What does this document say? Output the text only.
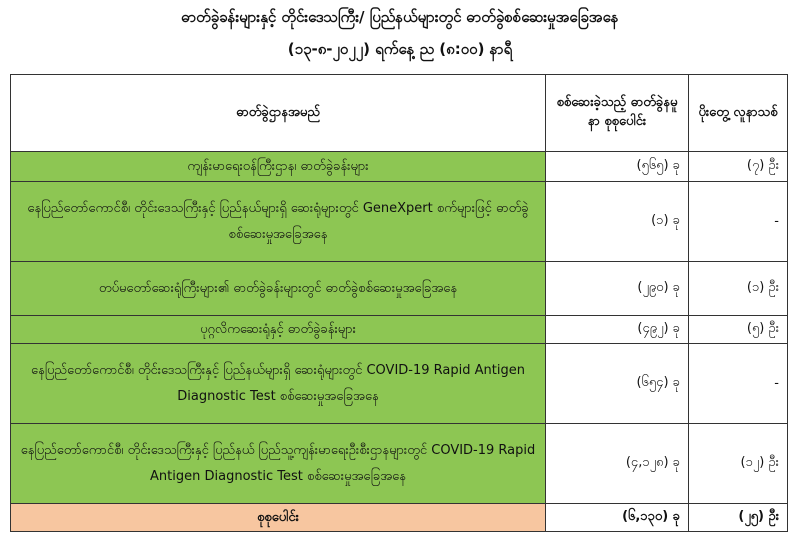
ဓာတ်ခွဲခန်းများနှင့် တိုင်းဒေသကြီး/ ပြည်နယ်များတွင် ဓာတ်ခွဲစစ်ဆေးမှုအခြေအနေ
(၁၃-၈-၂၀၂၂) ရက်နေ့ ည (၈:၀၀) နာရီ
ဓာတ်ခွဲဌာနအမည်	စစ်ဆေးခဲ့သည့် ဓာတ်ခွဲနမူနာ စုစုပေါင်း	ပိုးတွေ့ လူနာသစ်
ကျန်းမာရေးဝန်ကြီးဌာန၊ ဓာတ်ခွဲခန်းများ	(၅၆၅) ခု	(၇) ဦး
နေပြည်တော်ကောင်စီ၊ တိုင်းဒေသကြီးနှင့် ပြည်နယ်များရှိ ဆေးရုံများတွင် GeneXpert စက်များဖြင့် ဓာတ်ခွဲစစ်ဆေးမှုအခြေအနေ	(၁) ခု	-
တပ်မတော်ဆေးရုံကြီးများ၏ ဓာတ်ခွဲခန်းများတွင် ဓာတ်ခွဲစစ်ဆေးမှုအခြေအနေ	(၂၉၀) ခု	(၁) ဦး
ပုဂ္ဂလိကဆေးရုံနှင့် ဓာတ်ခွဲခန်းများ	(၄၉၂) ခု	(၅) ဦး
နေပြည်တော်ကောင်စီ၊ တိုင်းဒေသကြီးနှင့် ပြည်နယ်များရှိ ဆေးရုံများတွင် COVID-19 Rapid Antigen Diagnostic Test စစ်ဆေးမှုအခြေအနေ	(၆၅၄) ခု	-
နေပြည်တော်ကောင်စီ၊ တိုင်းဒေသကြီးနှင့် ပြည်နယ် ပြည်သူ့ကျန်းမာရေးဦးစီးဌာနများတွင် COVID-19 Rapid Antigen Diagnostic Test စစ်ဆေးမှုအခြေအနေ	(၄,၁၂၈) ခု	(၁၂) ဦး
စုစုပေါင်း	(၆,၁၃၀) ခု	(၂၅) ဦး
